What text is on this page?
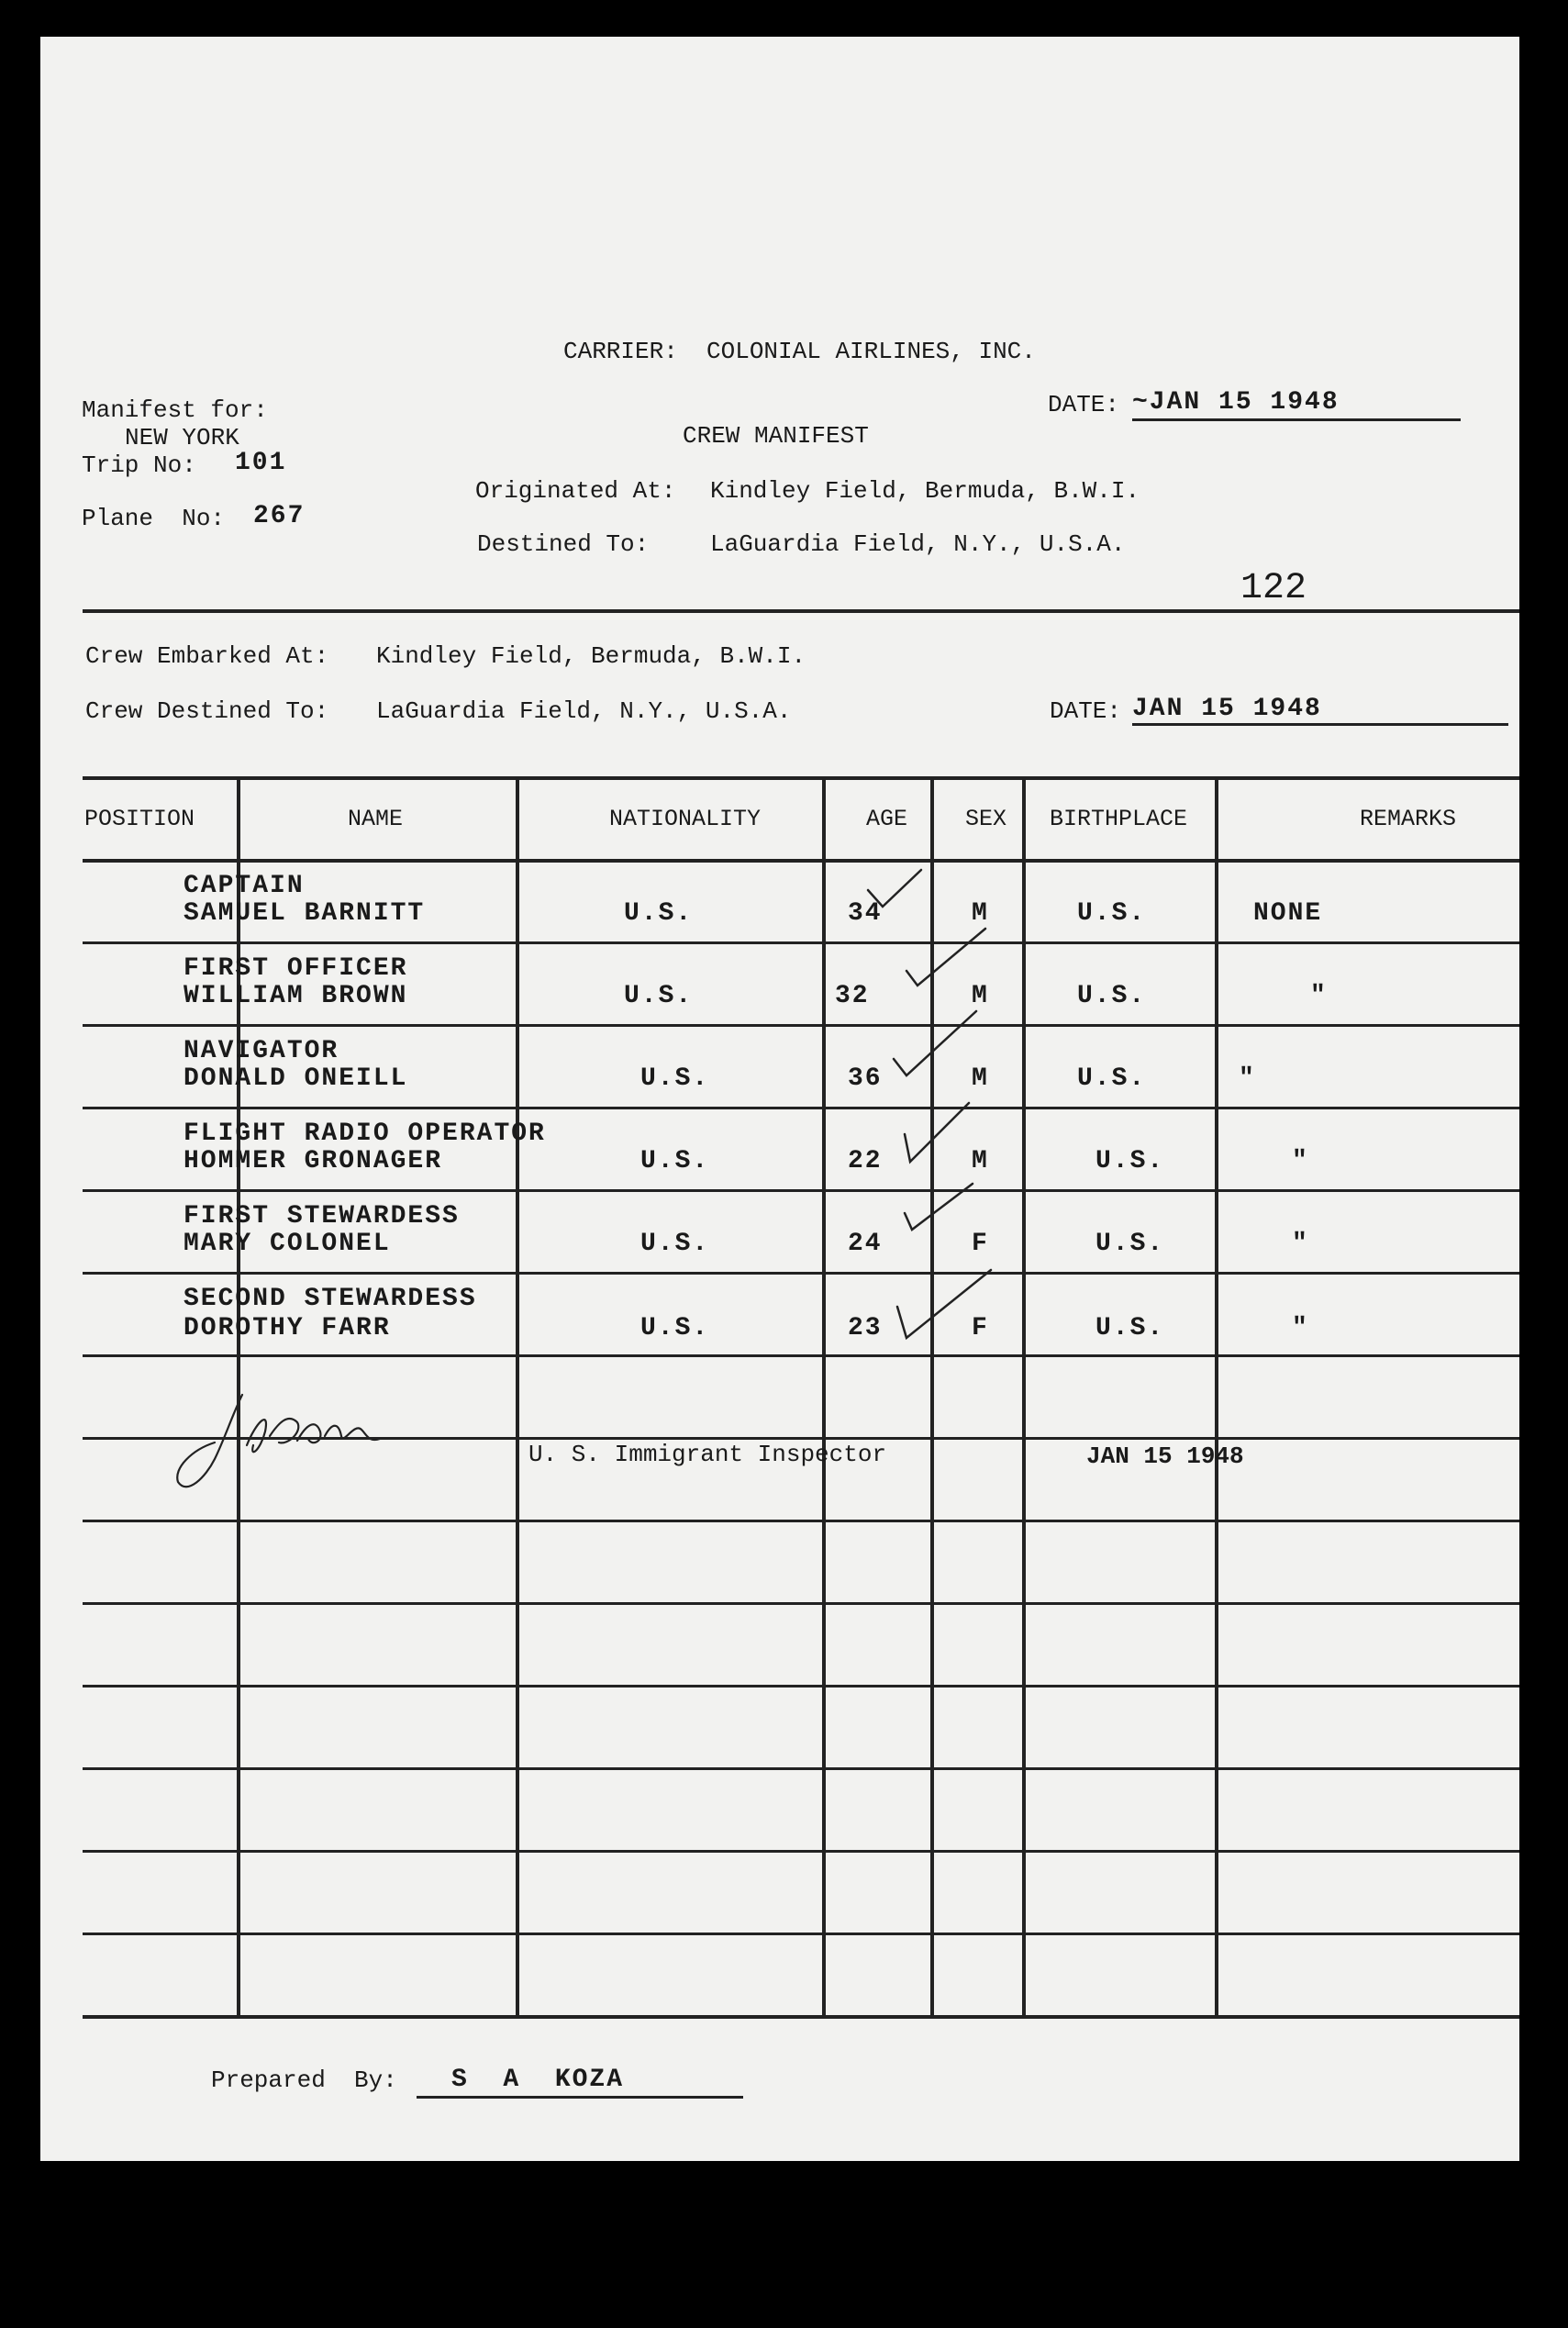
CARRIER:  COLONIAL AIRLINES, INC.
Manifest for:
NEW YORK
Trip No: 101
Plane  No: 267
CREW MANIFEST
DATE: ~JAN 15 1948
Originated At: Kindley Field, Bermuda, B.W.I.
Destined To:	LaGuardia Field, N.Y., U.S.A.
122
Crew Embarked At: Kindley Field, Bermuda, B.W.I.
Crew Destined To: LaGuardia Field, N.Y., U.S.A.	DATE: JAN 15 1948
POSITION	NAME	NATIONALITY	AGE	SEX BIRTHPLACE	REMARKS
CAPTAIN
SAMUEL BARNITT	U.S.	34	M	U.S.	NONE
FIRST OFFICER
WILLIAM BROWN	U.S.	32	M	U.S.	"
NAVIGATOR
DONALD ONEILL	U.S.	36	M	U.S.	"
FLIGHT RADIO OPERATOR
HOMMER GRONAGER	U.S.	22	M	U.S.	"
FIRST STEWARDESS
MARY COLONEL	U.S.	24	F	U.S.	"
SECOND STEWARDESS
DOROTHY FARR	U.S.	23	F	U.S.	"
U. S. Immigrant Inspector	JAN 15 1948
Prepared  By: S  A  KOZA
